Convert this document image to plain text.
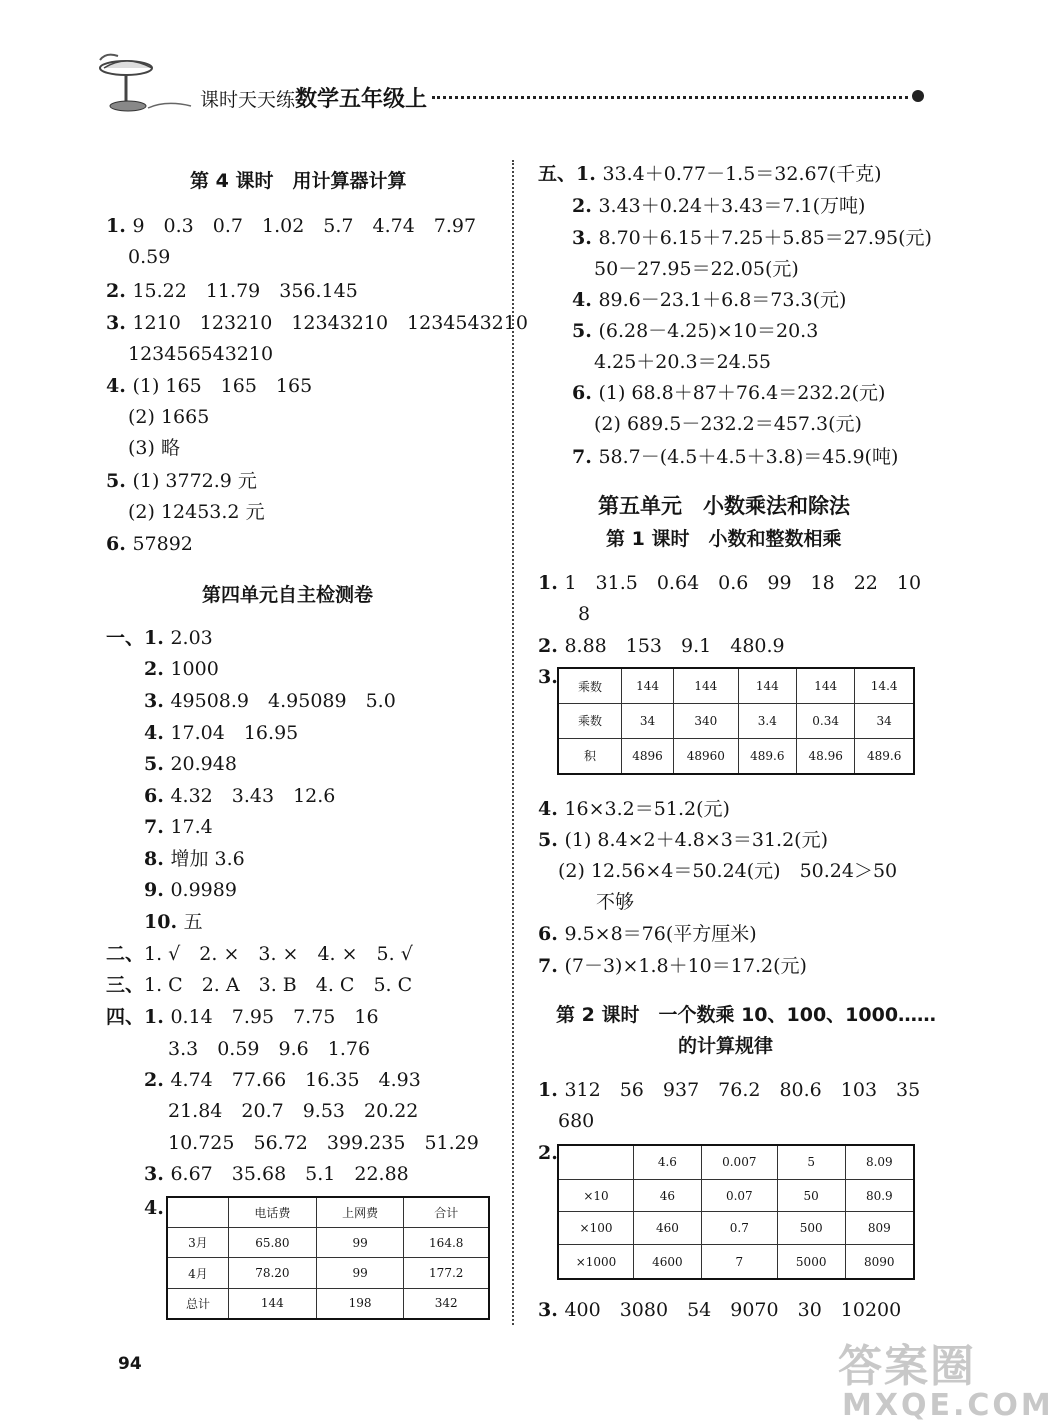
课时天天练数学五年级上
第 4 课时　用计算器计算
1. 9　0.3　0.7　1.02　5.7　4.74　7.97
0.59
2. 15.22　11.79　356.145
3. 1210　123210　12343210　1234543210
123456543210
4. (1) 165　165　165
(2) 1665
(3) 略
5. (1) 3772.9 元
(2) 12453.2 元
6. 57892
第四单元自主检测卷
一、1. 2.03
2. 1000
3. 49508.9　4.95089　5.0
4. 17.04　16.95
5. 20.948
6. 4.32　3.43　12.6
7. 17.4
8. 增加 3.6
9. 0.9989
10. 五
二、1. √　2. ×　3. ×　4. ×　5. √
三、1. C　2. A　3. B　4. C　5. C
四、1. 0.14　7.95　7.75　16
3.3　0.59　9.6　1.76
2. 4.74　77.66　16.35　4.93
21.84　20.7　9.53　20.22
10.725　56.72　399.235　51.29
3. 6.67　35.68　5.1　22.88
4.
		电话费	上网费	合计
3月	65.80	99	164.8
4月	78.20	99	177.2
总计	144	198	342
五、1. 33.4＋0.77－1.5＝32.67(千克)
2. 3.43＋0.24＋3.43＝7.1(万吨)
3. 8.70＋6.15＋7.25＋5.85＝27.95(元)
50－27.95＝22.05(元)
4. 89.6－23.1＋6.8＝73.3(元)
5. (6.28－4.25)×10＝20.3
4.25＋20.3＝24.55
6. (1) 68.8＋87＋76.4＝232.2(元)
(2) 689.5－232.2＝457.3(元)
7. 58.7－(4.5＋4.5＋3.8)＝45.9(吨)
第五单元　小数乘法和除法
第 1 课时　小数和整数相乘
1. 1　31.5　0.64　0.6　99　18　22　10
8
2. 8.88　153　9.1　480.9
3. 乘数	144	144	144	144	14.4
乘数	34	340	3.4	0.34	34
积	4896	48960	489.6	48.96	489.6
4. 16×3.2＝51.2(元)
5. (1) 8.4×2＋4.8×3＝31.2(元)
(2) 12.56×4＝50.24(元)　50.24＞50
不够
6. 9.5×8＝76(平方厘米)
7. (7－3)×1.8＋10＝17.2(元)
第 2 课时　一个数乘 10、100、1000……
的计算规律
1. 312　56　937　76.2　80.6　103　35
680
2.
		4.6	0.007	5	8.09
×10	46	0.07	50	80.9
×100	460	0.7	500	809
×1000	4600	7	5000	8090
3. 400　3080　54　9070　30　10200
94	答案圈
MXQE.COM
